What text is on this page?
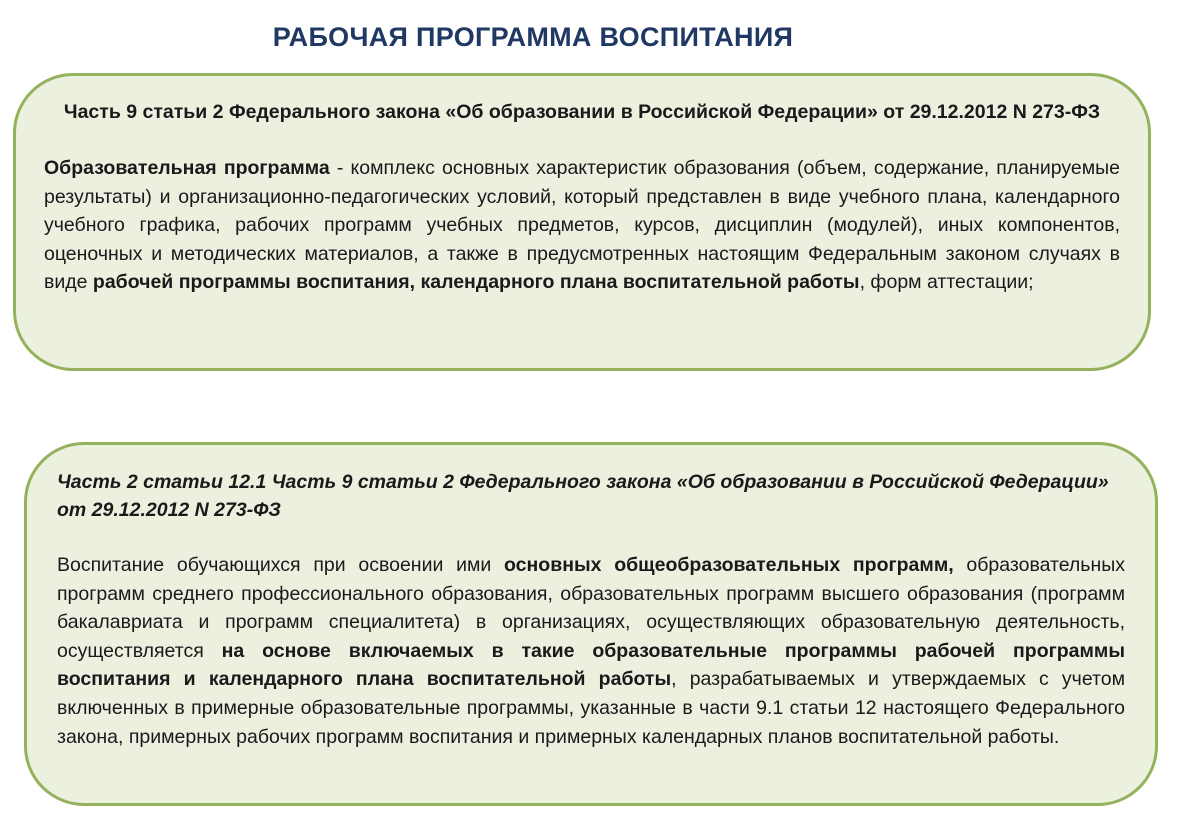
РАБОЧАЯ ПРОГРАММА ВОСПИТАНИЯ

Часть 9 статьи 2 Федерального закона «Об образовании в Российской Федерации» от 29.12.2012 N 273-ФЗ

Образовательная программа - комплекс основных характеристик образования (объем, содержание, планируемые результаты) и организационно-педагогических условий, который представлен в виде учебного плана, календарного учебного графика, рабочих программ учебных предметов, курсов, дисциплин (модулей), иных компонентов, оценочных и методических материалов, а также в предусмотренных настоящим Федеральным законом случаях в виде рабочей программы воспитания, календарного плана воспитательной работы, форм аттестации;

Часть 2 статьи 12.1 Часть 9 статьи 2 Федерального закона «Об образовании в Российской Федерации» от 29.12.2012 N 273-ФЗ

Воспитание обучающихся при освоении ими основных общеобразовательных программ, образовательных программ среднего профессионального образования, образовательных программ высшего образования (программ бакалавриата и программ специалитета) в организациях, осуществляющих образовательную деятельность, осуществляется на основе включаемых в такие образовательные программы рабочей программы воспитания и календарного плана воспитательной работы, разрабатываемых и утверждаемых с учетом включенных в примерные образовательные программы, указанные в части 9.1 статьи 12 настоящего Федерального закона, примерных рабочих программ воспитания и примерных календарных планов воспитательной работы.
